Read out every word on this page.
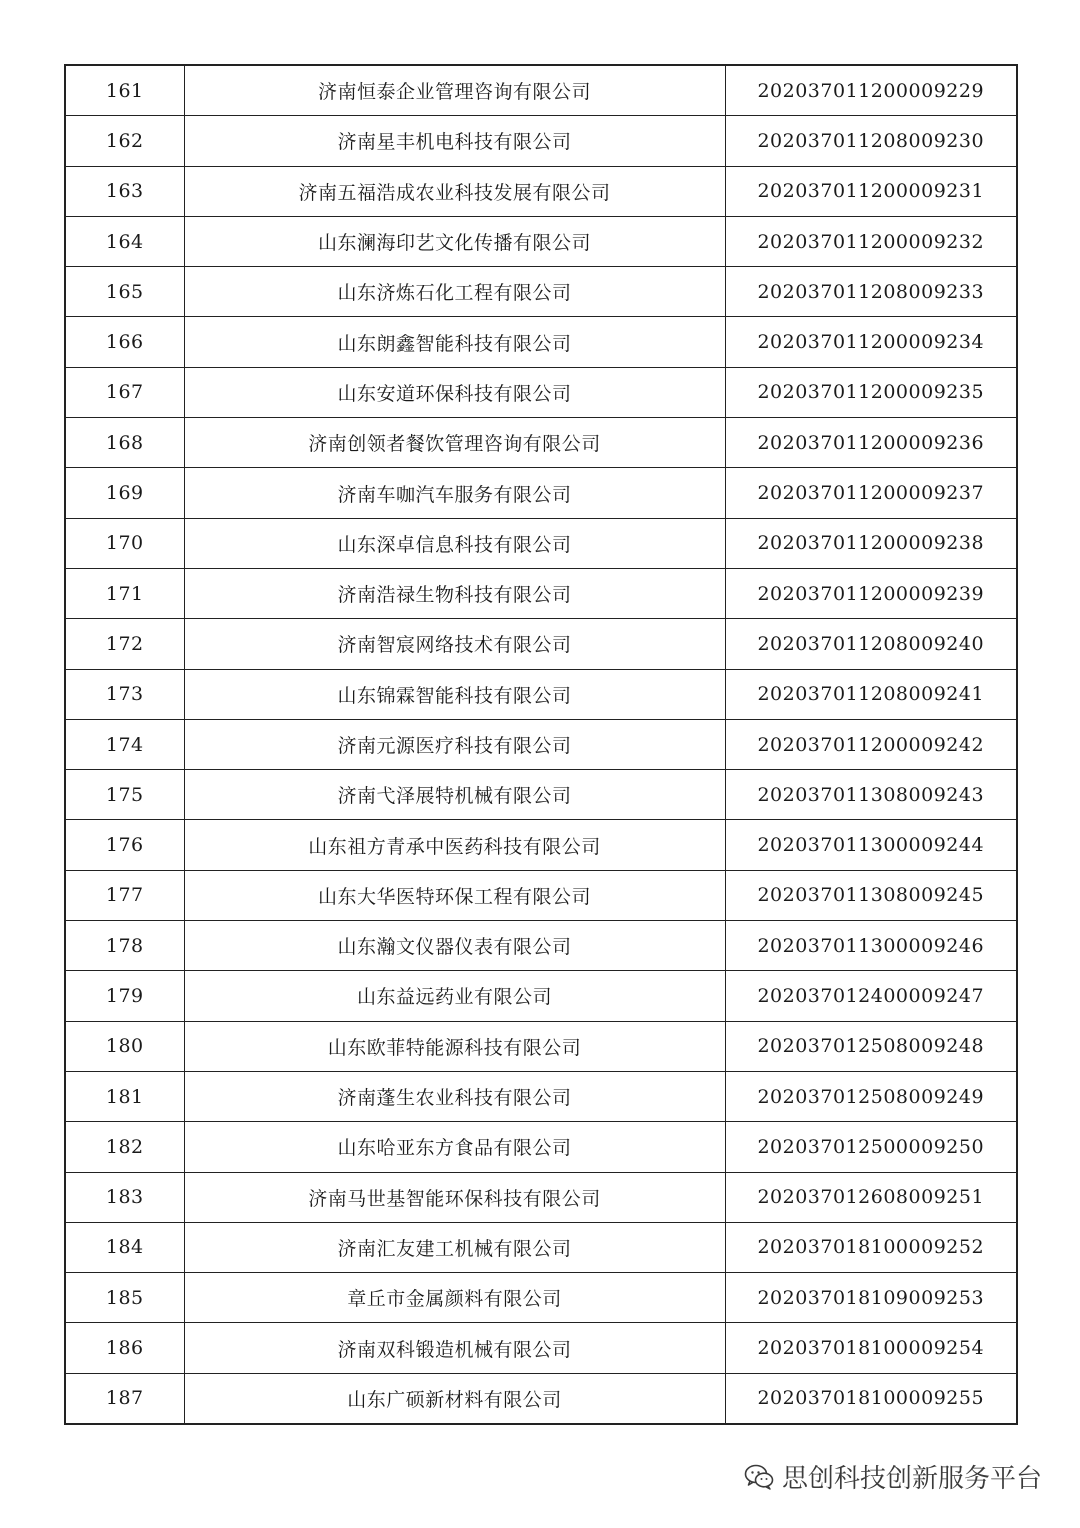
161	济南恒泰企业管理咨询有限公司	202037011200009229
162	济南星丰机电科技有限公司	202037011208009230
163	济南五福浩成农业科技发展有限公司	202037011200009231
164	山东澜海印艺文化传播有限公司	202037011200009232
165	山东济炼石化工程有限公司	202037011208009233
166	山东朗鑫智能科技有限公司	202037011200009234
167	山东安道环保科技有限公司	202037011200009235
168	济南创领者餐饮管理咨询有限公司	202037011200009236
169	济南车咖汽车服务有限公司	202037011200009237
170	山东深卓信息科技有限公司	202037011200009238
171	济南浩禄生物科技有限公司	202037011200009239
172	济南智宸网络技术有限公司	202037011208009240
173	山东锦霖智能科技有限公司	202037011208009241
174	济南元源医疗科技有限公司	202037011200009242
175	济南弋泽展特机械有限公司	202037011308009243
176	山东祖方青承中医药科技有限公司	202037011300009244
177	山东大华医特环保工程有限公司	202037011308009245
178	山东瀚文仪器仪表有限公司	202037011300009246
179	山东益远药业有限公司	202037012400009247
180	山东欧菲特能源科技有限公司	202037012508009248
181	济南蓬生农业科技有限公司	202037012508009249
182	山东哈亚东方食品有限公司	202037012500009250
183	济南马世基智能环保科技有限公司	202037012608009251
184	济南汇友建工机械有限公司	202037018100009252
185	章丘市金属颜料有限公司	202037018109009253
186	济南双科锻造机械有限公司	202037018100009254
187	山东广硕新材料有限公司	202037018100009255
思创科技创新服务平台
